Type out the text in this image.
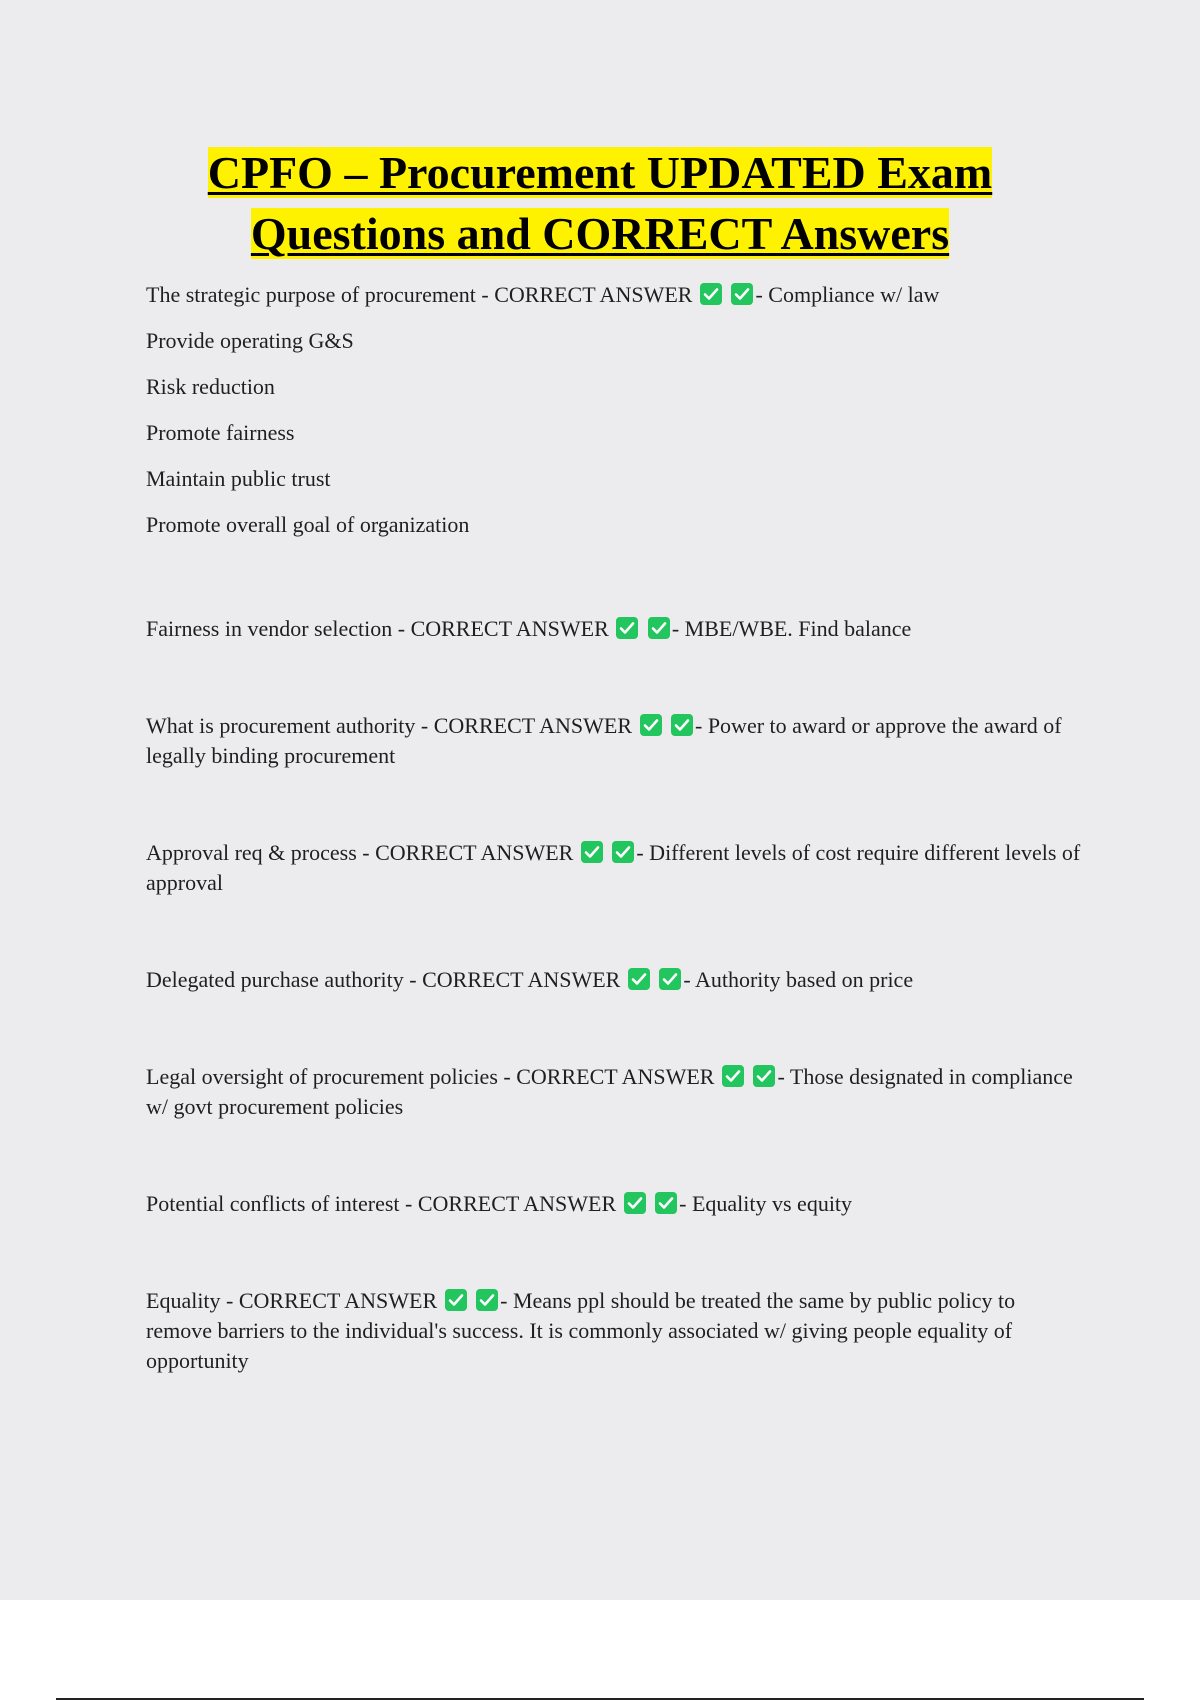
CPFO – Procurement UPDATED Exam
Questions and CORRECT Answers

The strategic purpose of procurement - CORRECT ANSWER
	- Compliance w/ law

Provide operating G&S

Risk reduction

Promote fairness

Maintain public trust

Promote overall goal of organization

Fairness in vendor selection - CORRECT ANSWER
	- MBE/WBE. Find balance

What is procurement authority - CORRECT ANSWER
	- Power to award or approve the award of legally binding procurement

Approval req & process - CORRECT ANSWER
	- Different levels of cost require different levels of approval

Delegated purchase authority - CORRECT ANSWER
	- Authority based on price

Legal oversight of procurement policies - CORRECT ANSWER
	- Those designated in compliance w/ govt procurement policies

Potential conflicts of interest - CORRECT ANSWER
	- Equality vs equity

Equality - CORRECT ANSWER
	- Means ppl should be treated the same by public policy to remove barriers to the individual's success. It is commonly associated w/ giving people equality of opportunity
